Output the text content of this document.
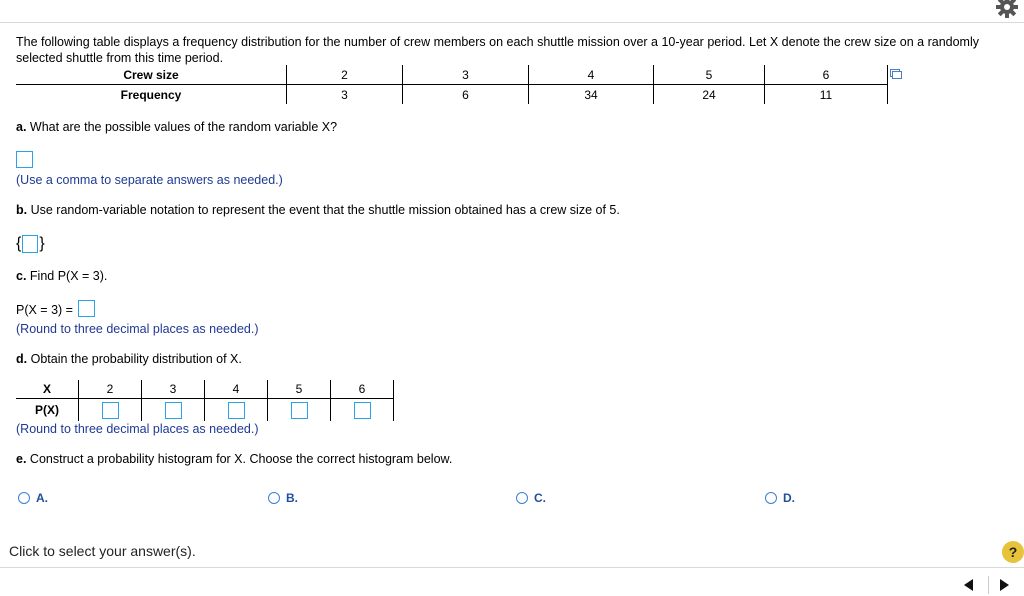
The following table displays a frequency distribution for the number of crew members on each shuttle mission over a 10-year period. Let X denote the crew size on a randomly selected shuttle from this time period.
Crew size	2	3	4	5	6
Frequency	3	6	34	24	11
a. What are the possible values of the random variable X?
(Use a comma to separate answers as needed.)
b. Use random-variable notation to represent the event that the shuttle mission obtained has a crew size of 5.
{ }
c. Find P(X = 3).
P(X = 3) =
(Round to three decimal places as needed.)
d. Obtain the probability distribution of X.
X	2	3	4	5	6
P(X)					
(Round to three decimal places as needed.)
e. Construct a probability histogram for X. Choose the correct histogram below.
A.	B.	C.	D.
Click to select your answer(s).	?
